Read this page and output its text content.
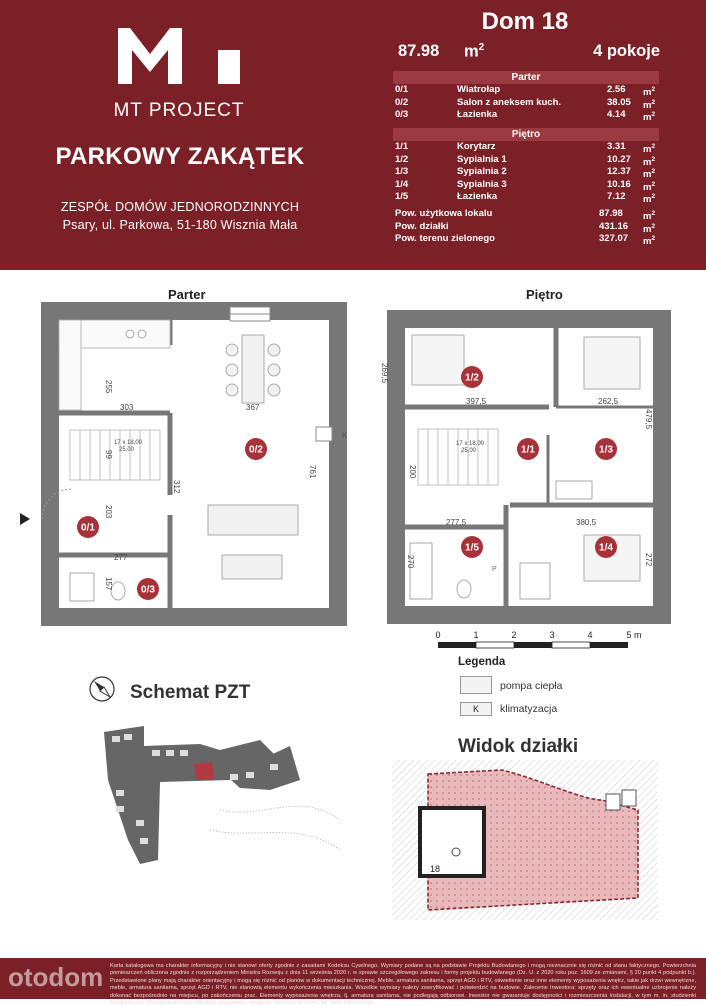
MT PROJECT
PARKOWY ZAKĄTEK
ZESPÓŁ DOMÓW JEDNORODZINNYCH
Psary, ul. Parkowa, 51-180 Wisznia Mała
Dom 18
87.98 $m^2$	4 pokoje
Parter
0/1	Wiatrołap	2.56 $m^2$
0/2	Salon z aneksem kuch.	38.05 $m^2$
0/3	Łazienka	4.14 $m^2$
Piętro
1/1	Korytarz	3.31 $m^2$
1/2	Sypialnia 1	10.27 $m^2$
1/3	Sypialnia 2	12.37 $m^2$
1/4	Sypialnia 3	10.16 $m^2$
1/5	Łazienka	7.12 $m^2$
Pow. użytkowa lokalu	87.98 $m^2$
Pow. działki	431.16 $m^2$
Pow. terenu zielonego	327.07 $m^2$
Parter	Piętro
K
255
303	367
99
17 x 18,00
25,00
312
761
203
277
157
0/1
0/2
0/3
P
269,5
397,5	262,5
479,5
17 x 18,00
25,00
200
277,5	380,5
270	272
1/1
1/2
1/3
1/4
1/5
0	1	2	3	4	5 m
Legenda
pompa ciepła
K	klimatyzacja
Schemat PZT
Widok działki
18
Karta katalogowa ma charakter informacyjny i nie stanowi oferty zgodnie z zasadami Kodeksu Cywilnego. Wymiary podane są na podstawie Projektu Budowlanego i mogą nieznacznie się różnić od stanu faktycznego. Powierzchnia pomieszczeń obliczona zgodnie z rozporządzeniem Ministra Rozwoju z dnia 11 września 2020 r. w sprawie szczegółowego zakresu i formy projektu budowlanego (Dz. U. z 2020 roku poz. 1609 ze zmianami, § 20 punkt 4 podpunkt b.). Przedstawione plany mają charakter orientacyjny i mogą się różnić od planów w dokumentacji technicznej. Meble, armatura sanitarna, sprzęt AGD i RTV, oświetlenie oraz inne elementy wyposażenia wnętrz, takie jak drzwi wewnętrzne, meble, armatura sanitarna, sprzęt AGD i RTV, nie stanowią elementu wykończenia mieszkania. Wszelkie wymiary należy zweryfikować i potwierdzić na budowie. Zalecenie Inwestora: sprzęty oraz ich ewentualne uzbrojenie należy dokonać bezpośrednio na miejscu, po zakończeniu prac. Elementy wyposażenia wnętrza, tj. armatura sanitarna, nie podlegają odbiorowi. Inwestor nie gwarantuje dostępności i rozmieszczenia instalacji, w tym m. in. studzienki kanalizacyjne. Wizualizacje mają charakter poglądowy i mogą się nieznacznie różnić od stanu faktycznego.
otodom
